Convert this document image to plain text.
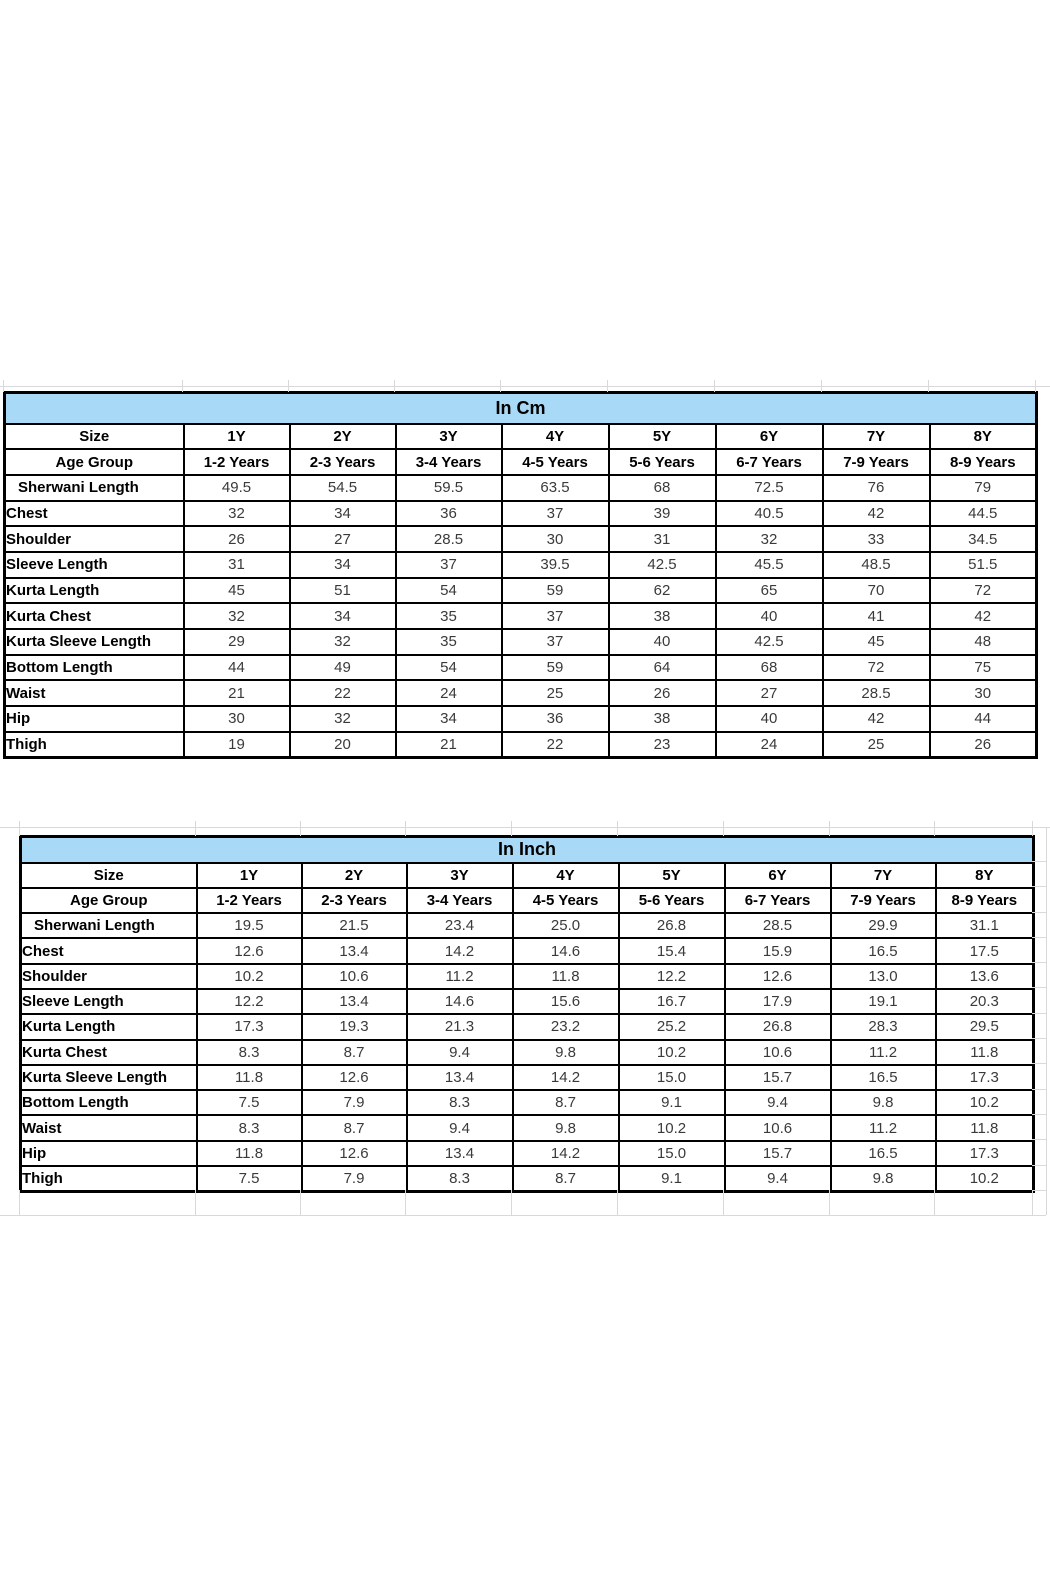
In Cm								
Size	1Y	2Y	3Y	4Y	5Y	6Y	7Y	8Y
Age Group	1-2 Years	2-3 Years	3-4 Years	4-5 Years	5-6 Years	6-7 Years	7-9 Years	8-9 Years
Sherwani Length	49.5	54.5	59.5	63.5	68	72.5	76	79
Chest	32	34	36	37	39	40.5	42	44.5
Shoulder	26	27	28.5	30	31	32	33	34.5
Sleeve Length	31	34	37	39.5	42.5	45.5	48.5	51.5
Kurta Length	45	51	54	59	62	65	70	72
Kurta Chest	32	34	35	37	38	40	41	42
Kurta Sleeve Length	29	32	35	37	40	42.5	45	48
Bottom Length	44	49	54	59	64	68	72	75
Waist	21	22	24	25	26	27	28.5	30
Hip	30	32	34	36	38	40	42	44
Thigh	19	20	21	22	23	24	25	26
In Inch								
Size	1Y	2Y	3Y	4Y	5Y	6Y	7Y	8Y
Age Group	1-2 Years	2-3 Years	3-4 Years	4-5 Years	5-6 Years	6-7 Years	7-9 Years	8-9 Years
Sherwani Length	19.5	21.5	23.4	25.0	26.8	28.5	29.9	31.1
Chest	12.6	13.4	14.2	14.6	15.4	15.9	16.5	17.5
Shoulder	10.2	10.6	11.2	11.8	12.2	12.6	13.0	13.6
Sleeve Length	12.2	13.4	14.6	15.6	16.7	17.9	19.1	20.3
Kurta Length	17.3	19.3	21.3	23.2	25.2	26.8	28.3	29.5
Kurta Chest	8.3	8.7	9.4	9.8	10.2	10.6	11.2	11.8
Kurta Sleeve Length	11.8	12.6	13.4	14.2	15.0	15.7	16.5	17.3
Bottom Length	7.5	7.9	8.3	8.7	9.1	9.4	9.8	10.2
Waist	8.3	8.7	9.4	9.8	10.2	10.6	11.2	11.8
Hip	11.8	12.6	13.4	14.2	15.0	15.7	16.5	17.3
Thigh	7.5	7.9	8.3	8.7	9.1	9.4	9.8	10.2
